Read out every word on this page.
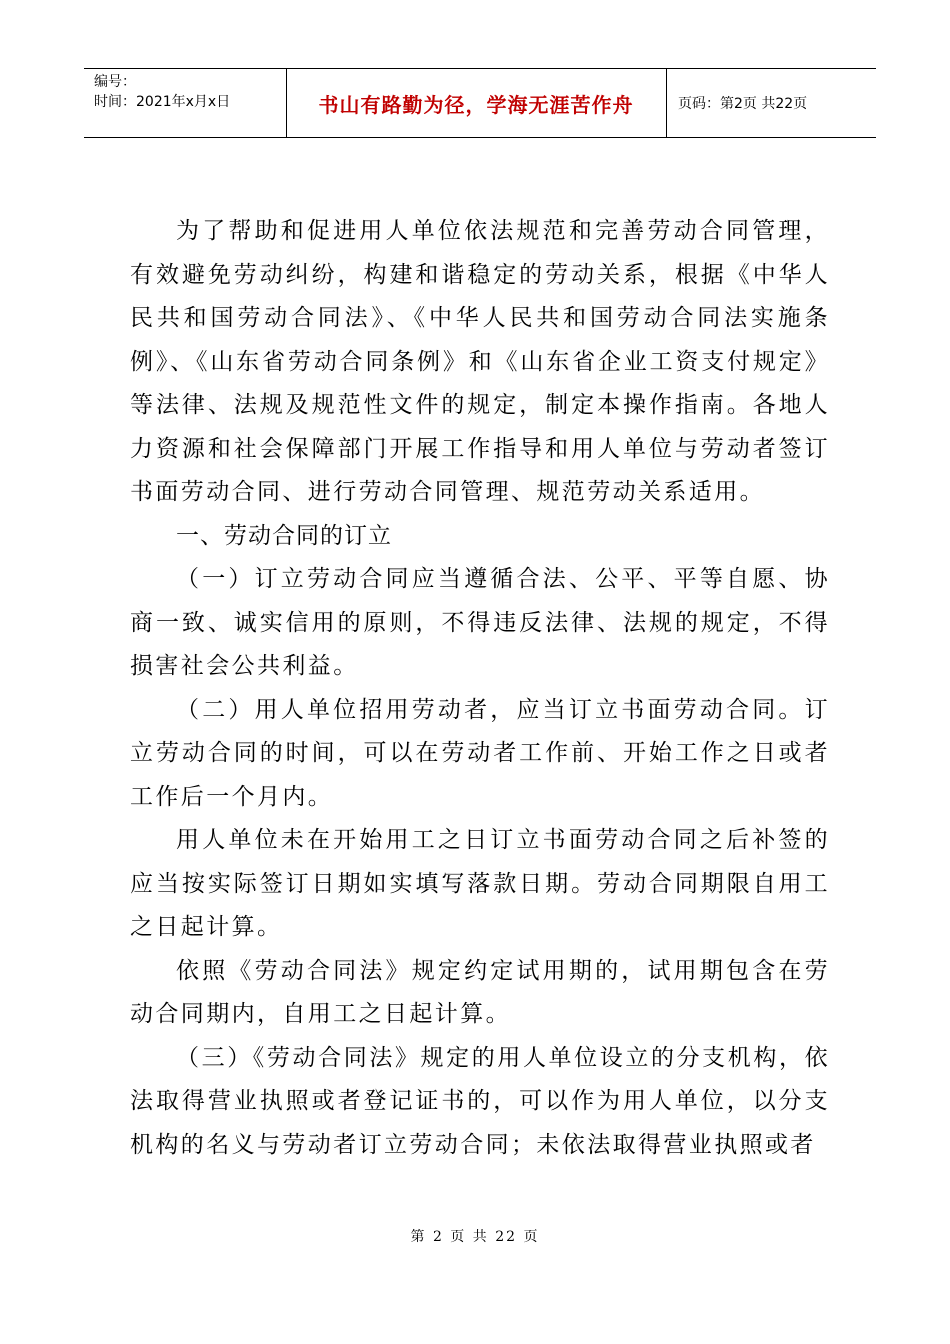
编号：
时间：2021年x月x日	书山有路勤为径，学海无涯苦作舟	页码：第2页 共22页

为了帮助和促进用人单位依法规范和完善劳动合同管理，有效避免劳动纠纷，构建和谐稳定的劳动关系，根据《中华人民共和国劳动合同法》、《中华人民共和国劳动合同法实施条例》、《山东省劳动合同条例》和《山东省企业工资支付规定》等法律、法规及规范性文件的规定，制定本操作指南。各地人力资源和社会保障部门开展工作指导和用人单位与劳动者签订书面劳动合同、进行劳动合同管理、规范劳动关系适用。

一、劳动合同的订立

（一）订立劳动合同应当遵循合法、公平、平等自愿、协商一致、诚实信用的原则，不得违反法律、法规的规定，不得损害社会公共利益。

（二）用人单位招用劳动者，应当订立书面劳动合同。订立劳动合同的时间，可以在劳动者工作前、开始工作之日或者工作后一个月内。

用人单位未在开始用工之日订立书面劳动合同之后补签的应当按实际签订日期如实填写落款日期。劳动合同期限自用工之日起计算。

依照《劳动合同法》规定约定试用期的，试用期包含在劳动合同期内，自用工之日起计算。

（三）《劳动合同法》规定的用人单位设立的分支机构，依法取得营业执照或者登记证书的，可以作为用人单位，以分支机构的名义与劳动者订立劳动合同；未依法取得营业执照或者

第 2 页 共 22 页
